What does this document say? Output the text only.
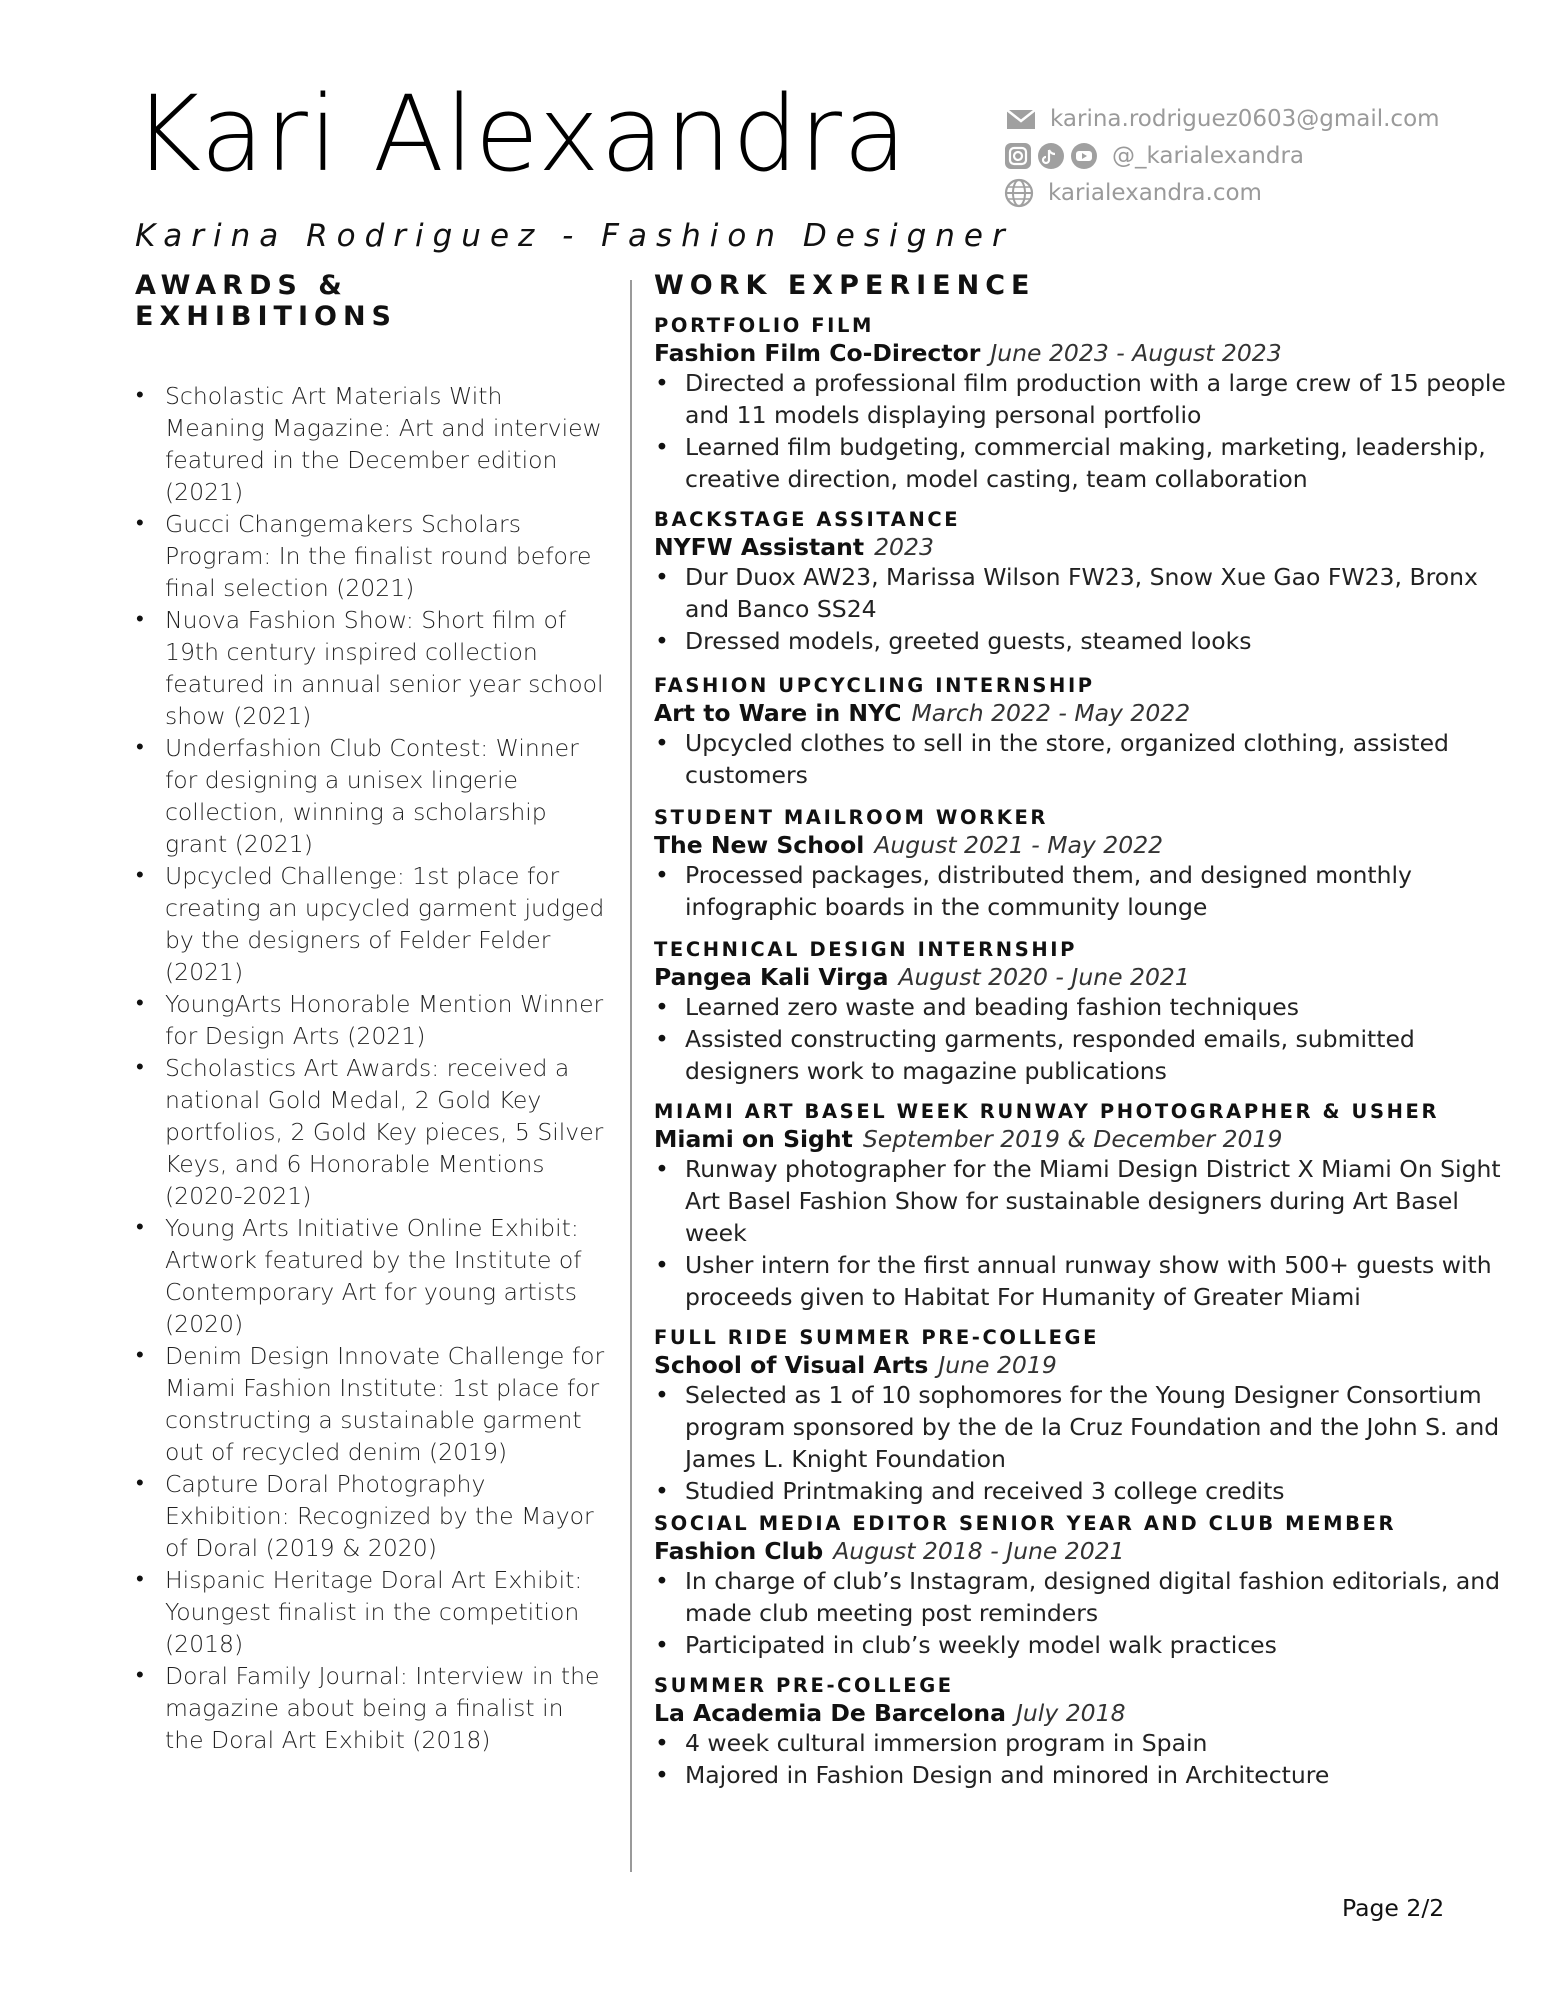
Kari Alexandra
Karina Rodriguez - Fashion Designer
karina.rodriguez0603@gmail.com
@_karialexandra
karialexandra.com
AWARDS & EXHIBITIONS
• Scholastic Art Materials With Meaning Magazine: Art and interview featured in the December edition (2021)
• Gucci Changemakers Scholars Program: In the finalist round before final selection (2021)
• Nuova Fashion Show: Short film of 19th century inspired collection featured in annual senior year school show (2021)
• Underfashion Club Contest: Winner for designing a unisex lingerie collection, winning a scholarship grant (2021)
• Upcycled Challenge: 1st place for creating an upcycled garment judged by the designers of Felder Felder (2021)
• YoungArts Honorable Mention Winner for Design Arts (2021)
• Scholastics Art Awards: received a national Gold Medal, 2 Gold Key portfolios, 2 Gold Key pieces, 5 Silver Keys, and 6 Honorable Mentions (2020-2021)
• Young Arts Initiative Online Exhibit: Artwork featured by the Institute of Contemporary Art for young artists (2020)
• Denim Design Innovate Challenge for Miami Fashion Institute: 1st place for constructing a sustainable garment out of recycled denim (2019)
• Capture Doral Photography Exhibition: Recognized by the Mayor of Doral (2019 & 2020)
• Hispanic Heritage Doral Art Exhibit: Youngest finalist in the competition (2018)
• Doral Family Journal: Interview in the magazine about being a finalist in the Doral Art Exhibit (2018)
WORK EXPERIENCE
PORTFOLIO FILM
Fashion Film Co-Director June 2023 - August 2023
• Directed a professional film production with a large crew of 15 people and 11 models displaying personal portfolio
• Learned film budgeting, commercial making, marketing, leadership, creative direction, model casting, team collaboration
BACKSTAGE ASSITANCE
NYFW Assistant 2023
• Dur Duox AW23, Marissa Wilson FW23, Snow Xue Gao FW23, Bronx and Banco SS24
• Dressed models, greeted guests, steamed looks
FASHION UPCYCLING INTERNSHIP
Art to Ware in NYC March 2022 - May 2022
• Upcycled clothes to sell in the store, organized clothing, assisted customers
STUDENT MAILROOM WORKER
The New School August 2021 - May 2022
• Processed packages, distributed them, and designed monthly infographic boards in the community lounge
TECHNICAL DESIGN INTERNSHIP
Pangea Kali Virga August 2020 - June 2021
• Learned zero waste and beading fashion techniques
• Assisted constructing garments, responded emails, submitted designers work to magazine publications
MIAMI ART BASEL WEEK RUNWAY PHOTOGRAPHER & USHER
Miami on Sight September 2019 & December 2019
• Runway photographer for the Miami Design District X Miami On Sight Art Basel Fashion Show for sustainable designers during Art Basel week
• Usher intern for the first annual runway show with 500+ guests with proceeds given to Habitat For Humanity of Greater Miami
FULL RIDE SUMMER PRE-COLLEGE
School of Visual Arts June 2019
• Selected as 1 of 10 sophomores for the Young Designer Consortium program sponsored by the de la Cruz Foundation and the John S. and James L. Knight Foundation
• Studied Printmaking and received 3 college credits
SOCIAL MEDIA EDITOR SENIOR YEAR AND CLUB MEMBER
Fashion Club August 2018 - June 2021
• In charge of club’s Instagram, designed digital fashion editorials, and made club meeting post reminders
• Participated in club’s weekly model walk practices
SUMMER PRE-COLLEGE
La Academia De Barcelona July 2018
• 4 week cultural immersion program in Spain
• Majored in Fashion Design and minored in Architecture
Page 2/2
